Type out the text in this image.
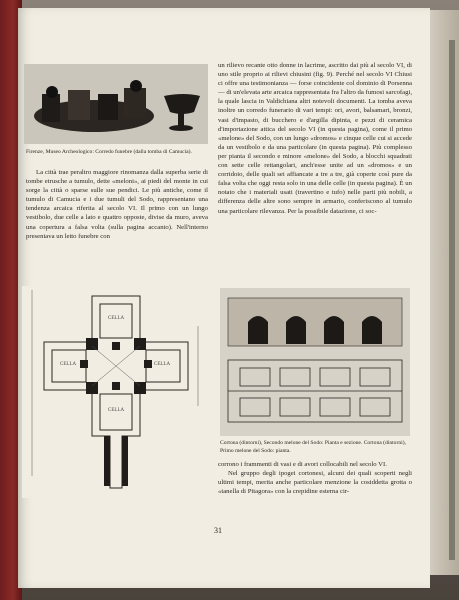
Firenze, Museo Archeologico: Corredo funebre (dalla tomba di Camucia).

La città trae peraltro maggiore rinomanza dalla superba serie di tombe etrusche a tumulo, dette «meloni», ai piedi del monte in cui sorge la città o sparse sulle sue pendici. Le più antiche, come il tumulo di Camucia e i due tumuli del Sodo, rappresentano una tendenza arcaica riferita al secolo VI. Il primo con un lungo vestibolo, due celle a lato e quattro opposte, divise da muro, aveva una copertura a falsa volta (sulla pagina accanto). Nell'interno presentava un letto funebre con

un rilievo recante otto donne in lacrime, ascritto dai più al secolo VI, di uno stile proprio ai rilievi chiusini (fig. 9). Perché nel secolo VI Chiusi ci offre una testimonianza — forse coincidente col dominio di Porsenna — di un'elevata arte arcaica rappresentata fra l'altro da fumosi sarcofagi, la quale lascia in Valdichiana altri notevoli documenti. La tomba aveva inoltre un corredo funerario di vari tempi: ori, avori, balsamari, bronzi, vasi d'impasto, di bucchero e d'argilla dipinta, e pezzi di ceramica d'importazione attica del secolo VI (in questa pagina), come il primo «melone» del Sodo, con un lungo «dromos» e cinque celle cui si accede da un vestibolo e da una particolare (in questa pagina). Più complesso per pianta il secondo e minore «melone» del Sodo, a blocchi squadrati con sette celle rettangolari, anch'esse unite ad un «dromos» e un corridoio, delle quali sei affiancate a tre a tre, già coperte così pure da falsa volta che oggi resta solo in una delle celle (in questa pagina). È un notato che i materiali usati (travertino e tufo) nelle parti più nobili, a differenza delle altre sono sempre in armario, conferiscono al tumulo una particolare rilevanza. Per la possibile datazione, ci soc-

CELLA
CELLA	CELLA
CELLA
Cortona (dintorni), Secondo melone del Sodo: Pianta e sezione. Cortona (dintorni), Primo melone del Sodo: pianta.

corrono i frammenti di vasi e di avori collocabili nel secolo VI.

Nel gruppo degli ipogei cortonesi, alcuni dei quali scoperti negli ultimi tempi, merita anche particolare menzione la cosiddetta grotta o «tanella di Pitagora» con la crepidine esterna cir-

31
